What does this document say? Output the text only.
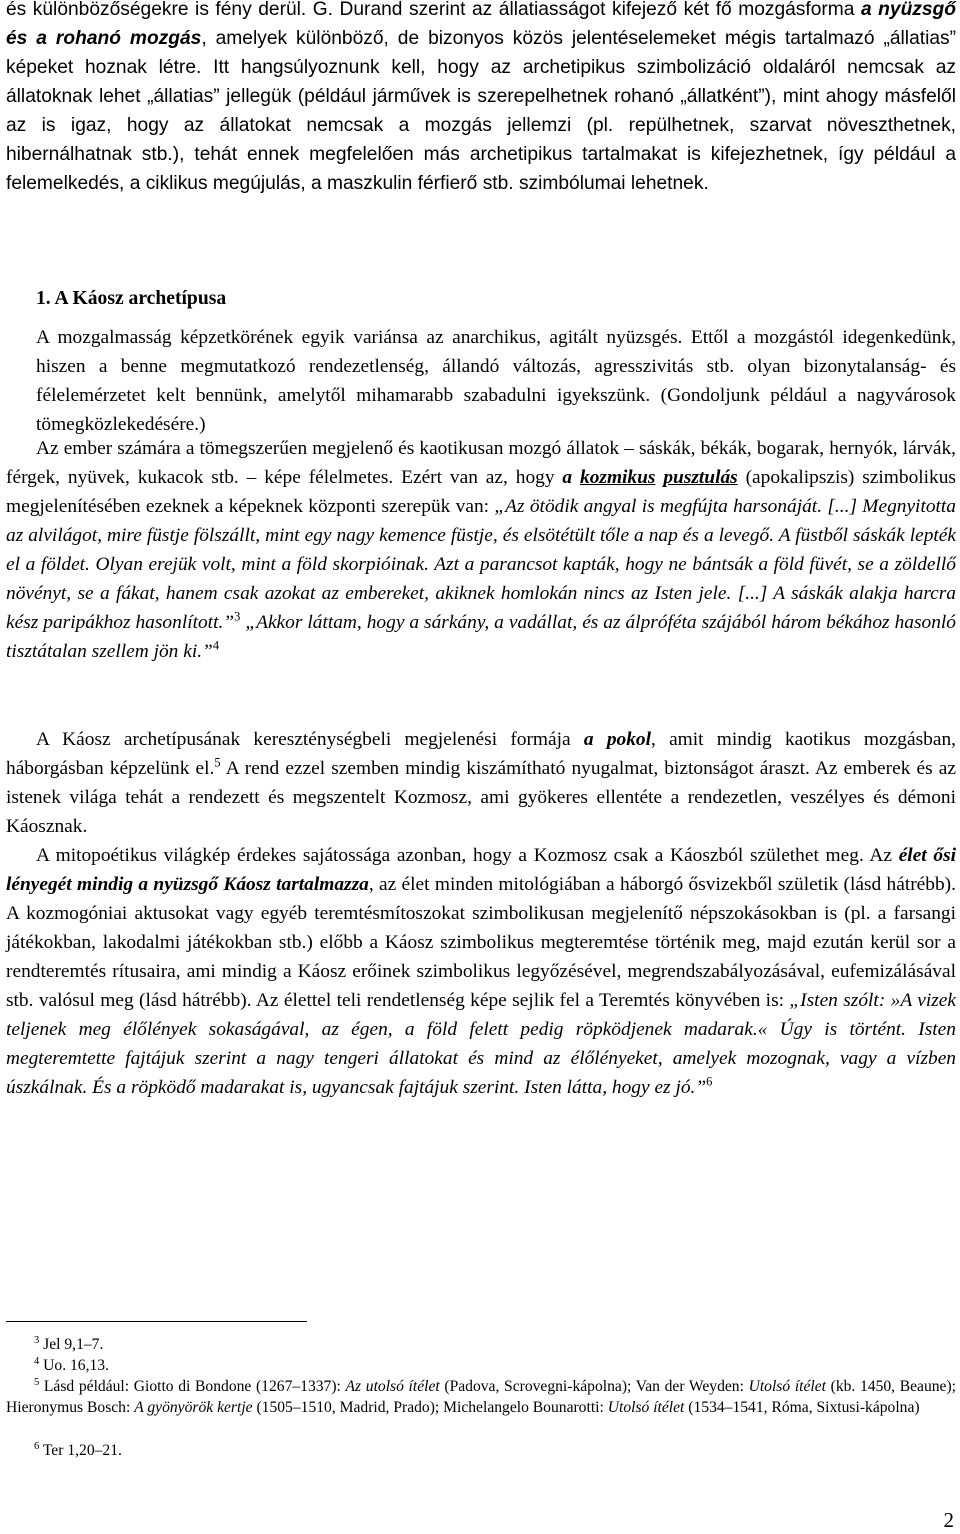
és különbözőségekre is fény derül. G. Durand szerint az állatiasságot kifejező két fő mozgásforma a nyüzsgő és a rohanó mozgás, amelyek különböző, de bizonyos közös jelentéselemeket mégis tartalmazó „állatias” képeket hoznak létre. Itt hangsúlyoznunk kell, hogy az archetipikus szimbolizáció oldaláról nemcsak az állatoknak lehet „állatias” jellegük (például járművek is szerepelhetnek rohanó „állatként”), mint ahogy másfelől az is igaz, hogy az állatokat nemcsak a mozgás jellemzi (pl. repülhetnek, szarvat növeszthetnek, hibernálhatnak stb.), tehát ennek megfelelően más archetipikus tartalmakat is kifejezhetnek, így például a felemelkedés, a ciklikus megújulás, a maszkulin férfierő stb. szimbólumai lehetnek.

1. A Káosz archetípusa

A mozgalmasság képzetkörének egyik variánsa az anarchikus, agitált nyüzsgés. Ettől a mozgástól idegenkedünk, hiszen a benne megmutatkozó rendezetlenség, állandó változás, agresszivitás stb. olyan bizonytalanság- és félelemérzetet kelt bennünk, amelytől mihamarabb szabadulni igyekszünk. (Gondoljunk például a nagyvárosok tömegközlekedésére.)

Az ember számára a tömegszerűen megjelenő és kaotikusan mozgó állatok – sáskák, békák, bogarak, hernyók, lárvák, férgek, nyüvek, kukacok stb. – képe félelmetes. Ezért van az, hogy a kozmikus pusztulás (apokalipszis) szimbolikus megjelenítésében ezeknek a képeknek központi szerepük van: „Az ötödik angyal is megfújta harsonáját. [...] Megnyitotta az alvilágot, mire füstje fölszállt, mint egy nagy kemence füstje, és elsötétült tőle a nap és a levegő. A füstből sáskák lepték el a földet. Olyan erejük volt, mint a föld skorpióinak. Azt a parancsot kapták, hogy ne bántsák a föld füvét, se a zöldellő növényt, se a fákat, hanem csak azokat az embereket, akiknek homlokán nincs az Isten jele. [...] A sáskák alakja harcra kész paripákhoz hasonlított.”$^3$ „Akkor láttam, hogy a sárkány, a vadállat, és az álpróféta szájából három békához hasonló tisztátalan szellem jön ki.”$^4$

A Káosz archetípusának kereszténységbeli megjelenési formája a pokol, amit mindig kaotikus mozgásban, háborgásban képzelünk el.$^5$ A rend ezzel szemben mindig kiszámítható nyugalmat, biztonságot áraszt. Az emberek és az istenek világa tehát a rendezett és megszentelt Kozmosz, ami gyökeres ellentéte a rendezetlen, veszélyes és démoni Káosznak.

A mitopoétikus világkép érdekes sajátossága azonban, hogy a Kozmosz csak a Káoszból születhet meg. Az élet ősi lényegét mindig a nyüzsgő Káosz tartalmazza, az élet minden mitológiában a háborgó ősvizekből születik (lásd hátrébb). A kozmogóniai aktusokat vagy egyéb teremtésmítoszokat szimbolikusan megjelenítő népszokásokban is (pl. a farsangi játékokban, lakodalmi játékokban stb.) előbb a Káosz szimbolikus megteremtése történik meg, majd ezután kerül sor a rendteremtés rítusaira, ami mindig a Káosz erőinek szimbolikus legyőzésével, megrendszabályozásával, eufemizálásával stb. valósul meg (lásd hátrébb). Az élettel teli rendetlenség képe sejlik fel a Teremtés könyvében is: „Isten szólt: »A vizek teljenek meg élőlények sokaságával, az égen, a föld felett pedig röpködjenek madarak.« Úgy is történt. Isten megteremtette fajtájuk szerint a nagy tengeri állatokat és mind az élőlényeket, amelyek mozognak, vagy a vízben úszkálnak. És a röpködő madarakat is, ugyancsak fajtájuk szerint. Isten látta, hogy ez jó.”$^6$

$^3$ Jel 9,1–7.
$^4$ Uo. 16,13.
$^5$ Lásd például: Giotto di Bondone (1267–1337): Az utolsó ítélet (Padova, Scrovegni-kápolna); Van der Weyden: Utolsó ítélet (kb. 1450, Beaune); Hieronymus Bosch: A gyönyörök kertje (1505–1510, Madrid, Prado); Michelangelo Bounarotti: Utolsó ítélet (1534–1541, Róma, Sixtusi-kápolna)
$^6$ Ter 1,20–21.
2
